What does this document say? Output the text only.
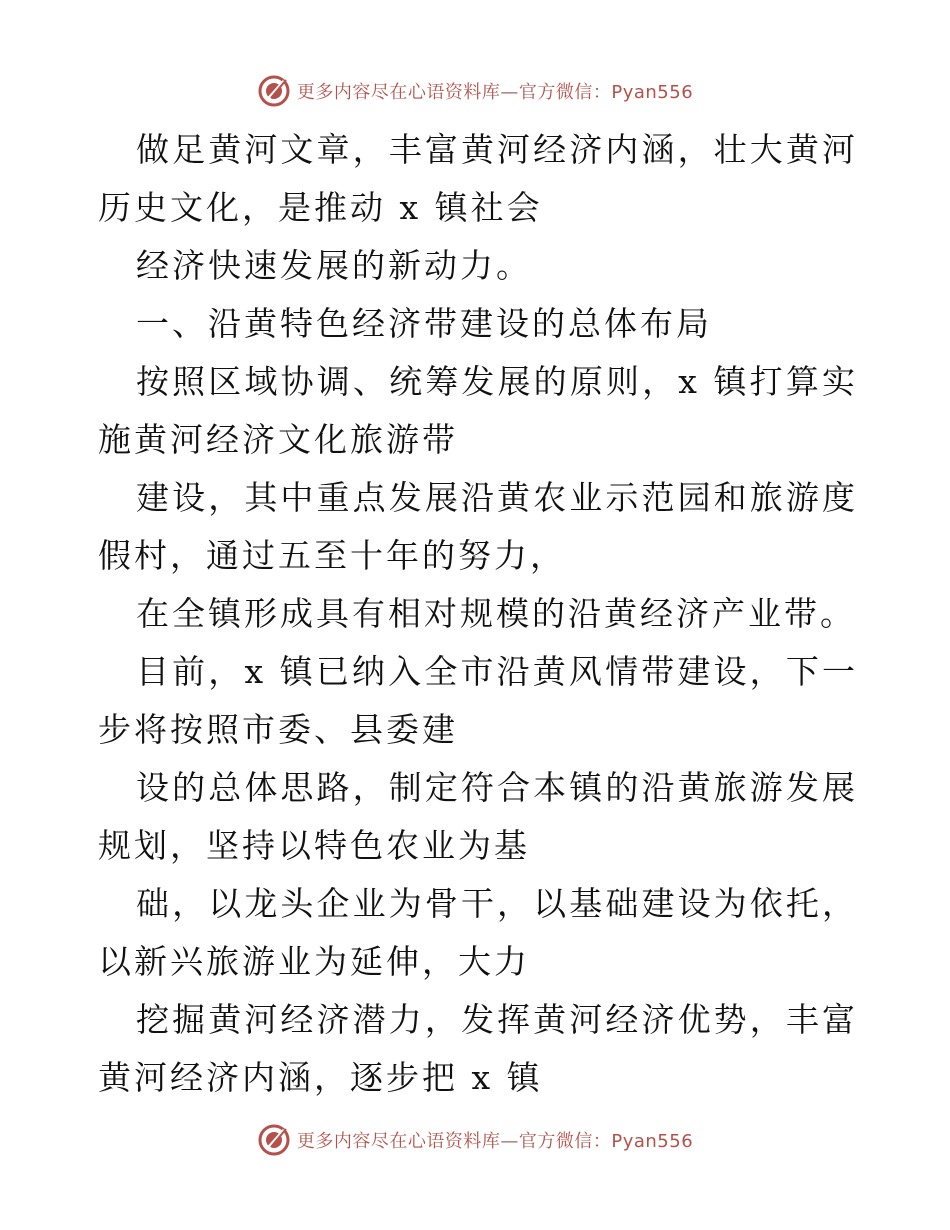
更多内容尽在心语资料库—官方微信：Pyan556

做足黄河文章，丰富黄河经济内涵，壮大黄河历史文化，是推动 x 镇社会

经济快速发展的新动力。

一、沿黄特色经济带建设的总体布局

按照区域协调、统筹发展的原则，x 镇打算实施黄河经济文化旅游带

建设，其中重点发展沿黄农业示范园和旅游度假村，通过五至十年的努力，

在全镇形成具有相对规模的沿黄经济产业带。

目前，x 镇已纳入全市沿黄风情带建设，下一步将按照市委、县委建

设的总体思路，制定符合本镇的沿黄旅游发展规划，坚持以特色农业为基

础，以龙头企业为骨干，以基础建设为依托，以新兴旅游业为延伸，大力

挖掘黄河经济潜力，发挥黄河经济优势，丰富黄河经济内涵，逐步把 x 镇

更多内容尽在心语资料库—官方微信：Pyan556
